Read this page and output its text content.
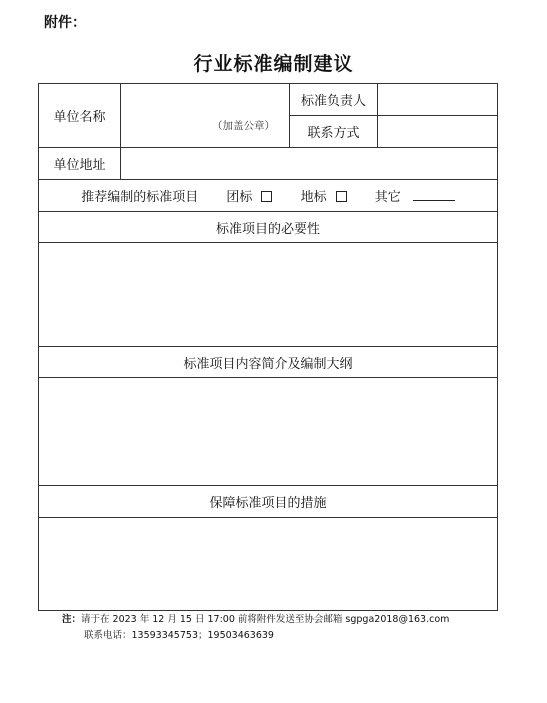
附件：
行业标准编制建议
单位名称	（加盖公章）	标准负责人	
		联系方式	
单位地址			
推荐编制的标准项目 团标 地标 其它			
标准项目的必要性			

标准项目内容简介及编制大纲			

保障标准项目的措施			

注：请于在 2023 年 12 月 15 日 17:00 前将附件发送至协会邮箱 sgpga2018@163.com
联系电话：13593345753；19503463639
